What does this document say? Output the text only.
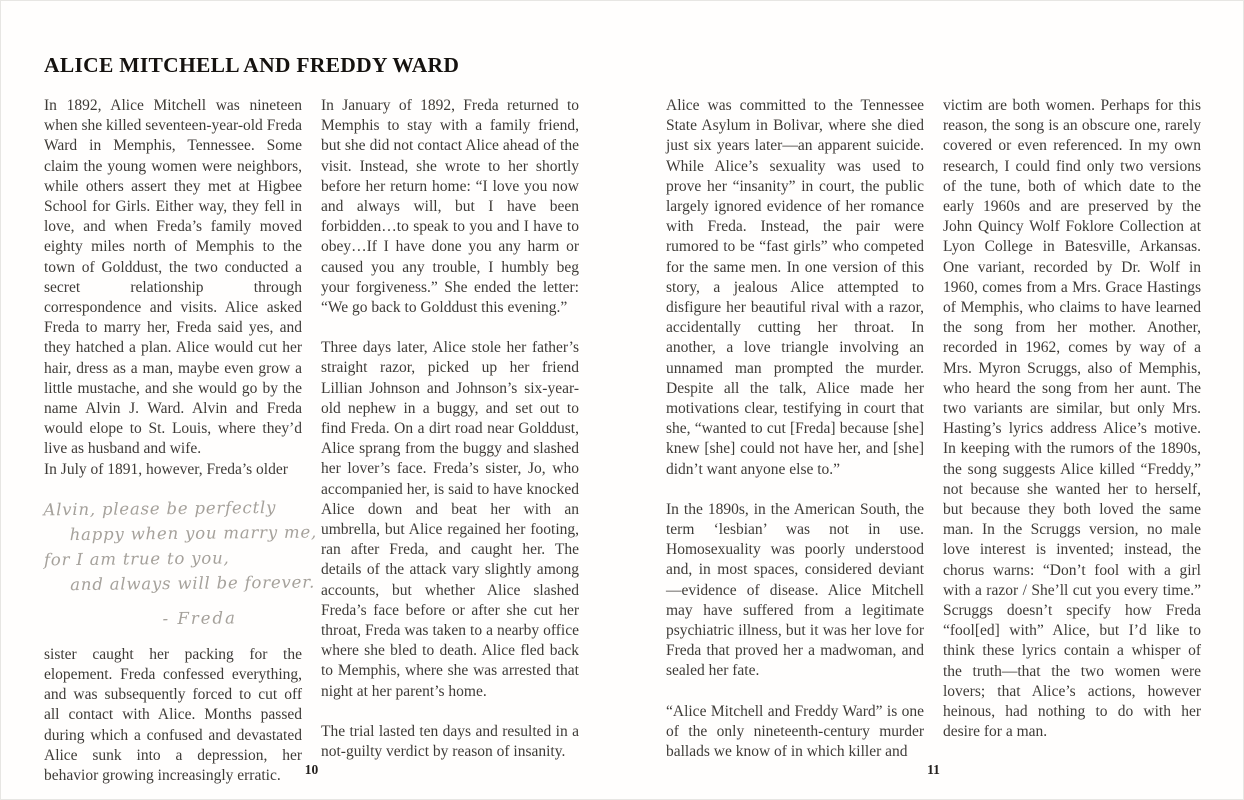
ALICE MITCHELL AND FREDDY WARD

In 1892, Alice Mitchell was nineteen when she killed seventeen-year-old Freda Ward in Memphis, Tennessee. Some claim the young women were neighbors, while others assert they met at Higbee School for Girls. Either way, they fell in love, and when Freda’s family moved eighty miles north of Memphis to the town of Golddust, the two conducted a secret relationship through correspondence and visits. Alice asked Freda to marry her, Freda said yes, and they hatched a plan. Alice would cut her hair, dress as a man, maybe even grow a little mustache, and she would go by the name Alvin J. Ward. Alvin and Freda would elope to St. Louis, where they’d live as husband and wife.

In July of 1891, however, Freda’s older

Alvin, please be perfectly
happy when you marry me,
for I am true to you,
and always will be forever.
- Freda

sister caught her packing for the elopement. Freda confessed everything, and was subsequently forced to cut off all contact with Alice. Months passed during which a confused and devastated Alice sunk into a depression, her behavior growing increasingly erratic.

In January of 1892, Freda returned to Memphis to stay with a family friend, but she did not contact Alice ahead of the visit. Instead, she wrote to her shortly before her return home: “I love you now and always will, but I have been forbidden…to speak to you and I have to obey…If I have done you any harm or caused you any trouble, I humbly beg your forgiveness.” She ended the letter: “We go back to Golddust this evening.”

Three days later, Alice stole her father’s straight razor, picked up her friend Lillian Johnson and Johnson’s six-year-old nephew in a buggy, and set out to find Freda. On a dirt road near Golddust, Alice sprang from the buggy and slashed her lover’s face. Freda’s sister, Jo, who accompanied her, is said to have knocked Alice down and beat her with an umbrella, but Alice regained her footing, ran after Freda, and caught her. The details of the attack vary slightly among accounts, but whether Alice slashed Freda’s face before or after she cut her throat, Freda was taken to a nearby office where she bled to death. Alice fled back to Memphis, where she was arrested that night at her parent’s home.

The trial lasted ten days and resulted in a not-guilty verdict by reason of insanity.

Alice was committed to the Tennessee State Asylum in Bolivar, where she died just six years later—an apparent suicide. While Alice’s sexuality was used to prove her “insanity” in court, the public largely ignored evidence of her romance with Freda. Instead, the pair were rumored to be “fast girls” who competed for the same men. In one version of this story, a jealous Alice attempted to disfigure her beautiful rival with a razor, accidentally cutting her throat. In another, a love triangle involving an unnamed man prompted the murder. Despite all the talk, Alice made her motivations clear, testifying in court that she, “wanted to cut [Freda] because [she] knew [she] could not have her, and [she] didn’t want anyone else to.”

In the 1890s, in the American South, the term ‘lesbian’ was not in use. Homosexuality was poorly understood and, in most spaces, considered deviant—evidence of disease. Alice Mitchell may have suffered from a legitimate psychiatric illness, but it was her love for Freda that proved her a madwoman, and sealed her fate.

“Alice Mitchell and Freddy Ward” is one of the only nineteenth-century murder ballads we know of in which killer and

victim are both women. Perhaps for this reason, the song is an obscure one, rarely covered or even referenced. In my own research, I could find only two versions of the tune, both of which date to the early 1960s and are preserved by the John Quincy Wolf Foklore Collection at Lyon College in Batesville, Arkansas. One variant, recorded by Dr. Wolf in 1960, comes from a Mrs. Grace Hastings of Memphis, who claims to have learned the song from her mother. Another, recorded in 1962, comes by way of a Mrs. Myron Scruggs, also of Memphis, who heard the song from her aunt. The two variants are similar, but only Mrs. Hasting’s lyrics address Alice’s motive. In keeping with the rumors of the 1890s, the song suggests Alice killed “Freddy,” not because she wanted her to herself, but because they both loved the same man. In the Scruggs version, no male love interest is invented; instead, the chorus warns: “Don’t fool with a girl with a razor / She’ll cut you every time.” Scruggs doesn’t specify how Freda “fool[ed] with” Alice, but I’d like to think these lyrics contain a whisper of the truth—that the two women were lovers; that Alice’s actions, however heinous, had nothing to do with her desire for a man.

10	11
